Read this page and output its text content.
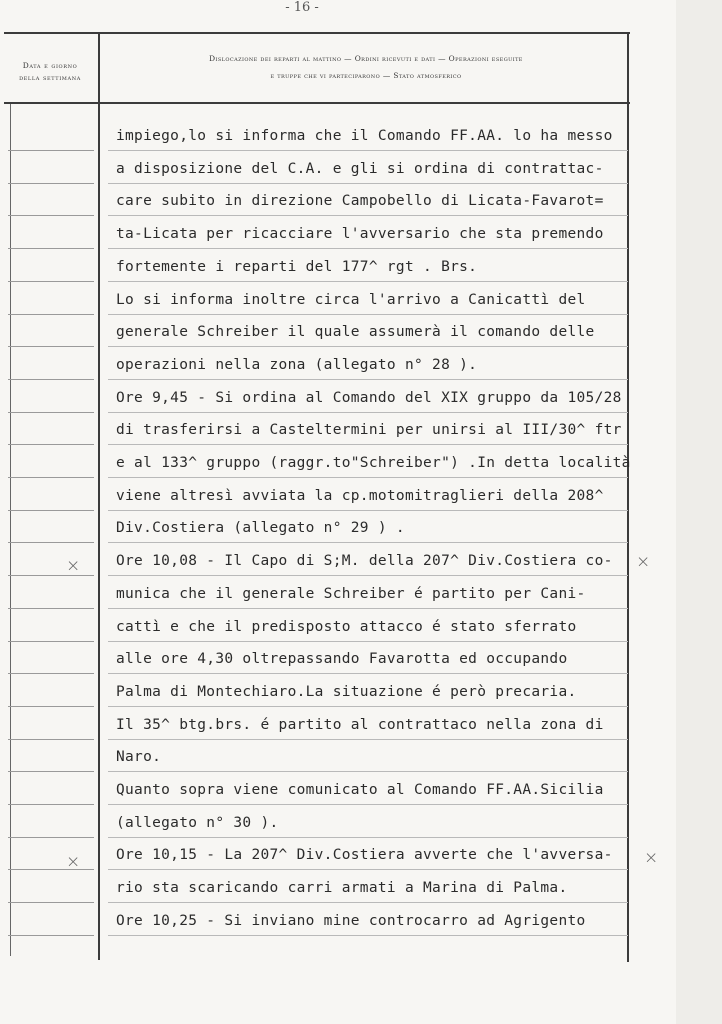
- 16 -
Data e giorno
della settimana
Dislocazione dei reparti al mattino — Ordini ricevuti e dati — Operazioni eseguite
e truppe che vi parteciparono — Stato atmosferico
impiego,lo si informa che il Comando FF.AA. lo ha messo
a disposizione del C.A. e gli si ordina di contrattac-
care subito in direzione Campobello di Licata-Favarot=
ta-Licata per ricacciare l'avversario che sta premendo
fortemente i reparti del 177^ rgt . Brs.
Lo si informa inoltre circa l'arrivo a Canicattì del
generale Schreiber il quale assumerà il comando delle
operazioni nella zona (allegato n° 28 ).
Ore 9,45 - Si ordina al Comando del XIX gruppo da 105/28
di trasferirsi a Casteltermini per unirsi al III/30^ ftr
e al 133^ gruppo (raggr.to"Schreiber") .In detta località
viene altresì avviata la cp.motomitraglieri della 208^
Div.Costiera (allegato n° 29 ) .
Ore 10,08 - Il Capo di S;M. della 207^ Div.Costiera co-
munica che il generale Schreiber é partito per Cani-
cattì e che il predisposto attacco é stato sferrato
alle ore 4,30 oltrepassando Favarotta ed occupando
Palma di Montechiaro.La situazione é però precaria.
Il 35^ btg.brs. é partito al contrattaco nella zona di
Naro.
Quanto sopra viene comunicato al Comando FF.AA.Sicilia
(allegato n° 30 ).
Ore 10,15 - La 207^ Div.Costiera avverte che l'avversa-
rio sta scaricando carri armati a Marina di Palma.
Ore 10,25 - Si inviano mine controcarro ad Agrigento
×
×
×
×
